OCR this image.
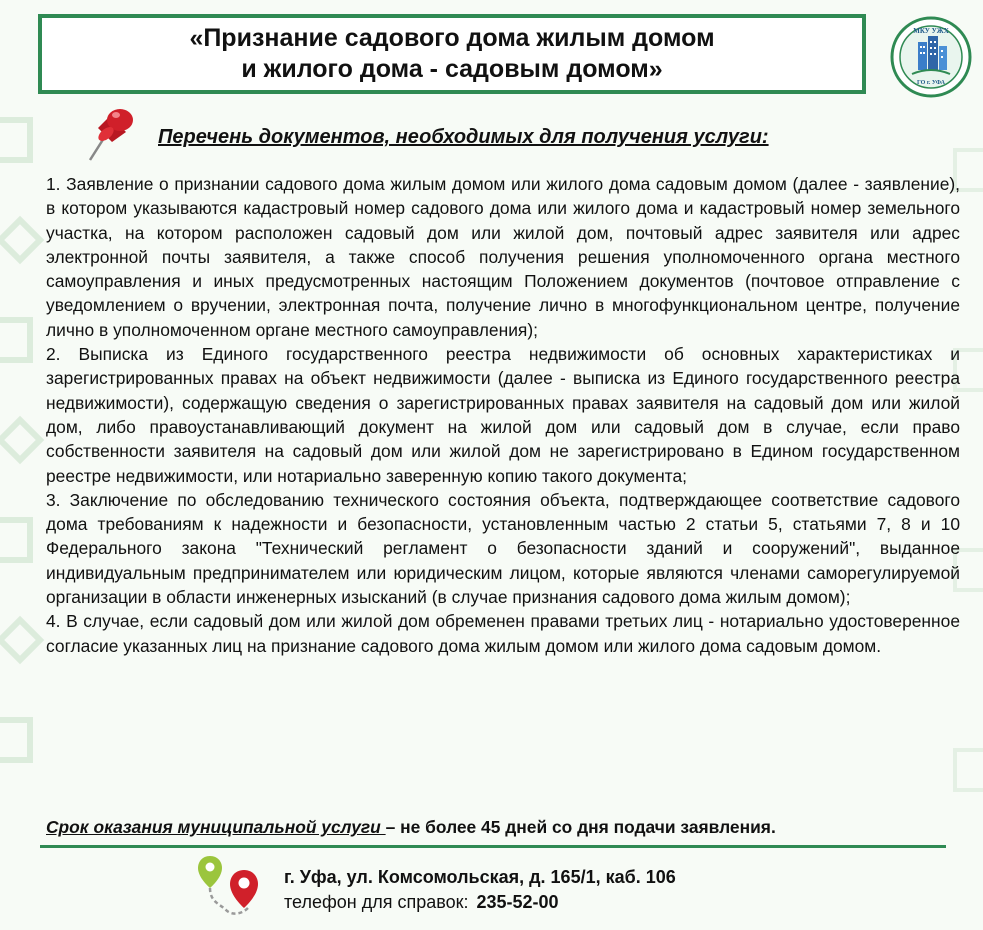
«Признание садового дома жилым домом
и жилого дома - садовым домом»
МКУ УЖХ
ГО г. УФА
Перечень документов, необходимых для получения услуги:

1. Заявление о признании садового дома жилым домом или жилого дома садовым домом (далее - заявление), в котором указываются кадастровый номер садового дома или жилого дома и кадастровый номер земельного участка, на котором расположен садовый дом или жилой дом, почтовый адрес заявителя или адрес электронной почты заявителя, а также способ получения решения уполномоченного органа местного самоуправления и иных предусмотренных настоящим Положением документов (почтовое отправление с уведомлением о вручении, электронная почта, получение лично в многофункциональном центре, получение лично в уполномоченном органе местного самоуправления);

2. Выписка из Единого государственного реестра недвижимости об основных характеристиках и зарегистрированных правах на объект недвижимости (далее - выписка из Единого государственного реестра недвижимости), содержащую сведения о зарегистрированных правах заявителя на садовый дом или жилой дом, либо правоустанавливающий документ на жилой дом или садовый дом в случае, если право собственности заявителя на садовый дом или жилой дом не зарегистрировано в Едином государственном реестре недвижимости, или нотариально заверенную копию такого документа;

3. Заключение по обследованию технического состояния объекта, подтверждающее соответствие садового дома требованиям к надежности и безопасности, установленным частью 2 статьи 5, статьями 7, 8 и 10 Федерального закона "Технический регламент о безопасности зданий и сооружений", выданное индивидуальным предпринимателем или юридическим лицом, которые являются членами саморегулируемой организации в области инженерных изысканий (в случае признания садового дома жилым домом);

4. В случае, если садовый дом или жилой дом обременен правами третьих лиц - нотариально удостоверенное согласие указанных лиц на признание садового дома жилым домом или жилого дома садовым домом.

Срок оказания муниципальной услуги – не более 45 дней со дня подачи заявления.
г. Уфа, ул. Комсомольская, д. 165/1, каб. 106
телефон для справок: 235-52-00
